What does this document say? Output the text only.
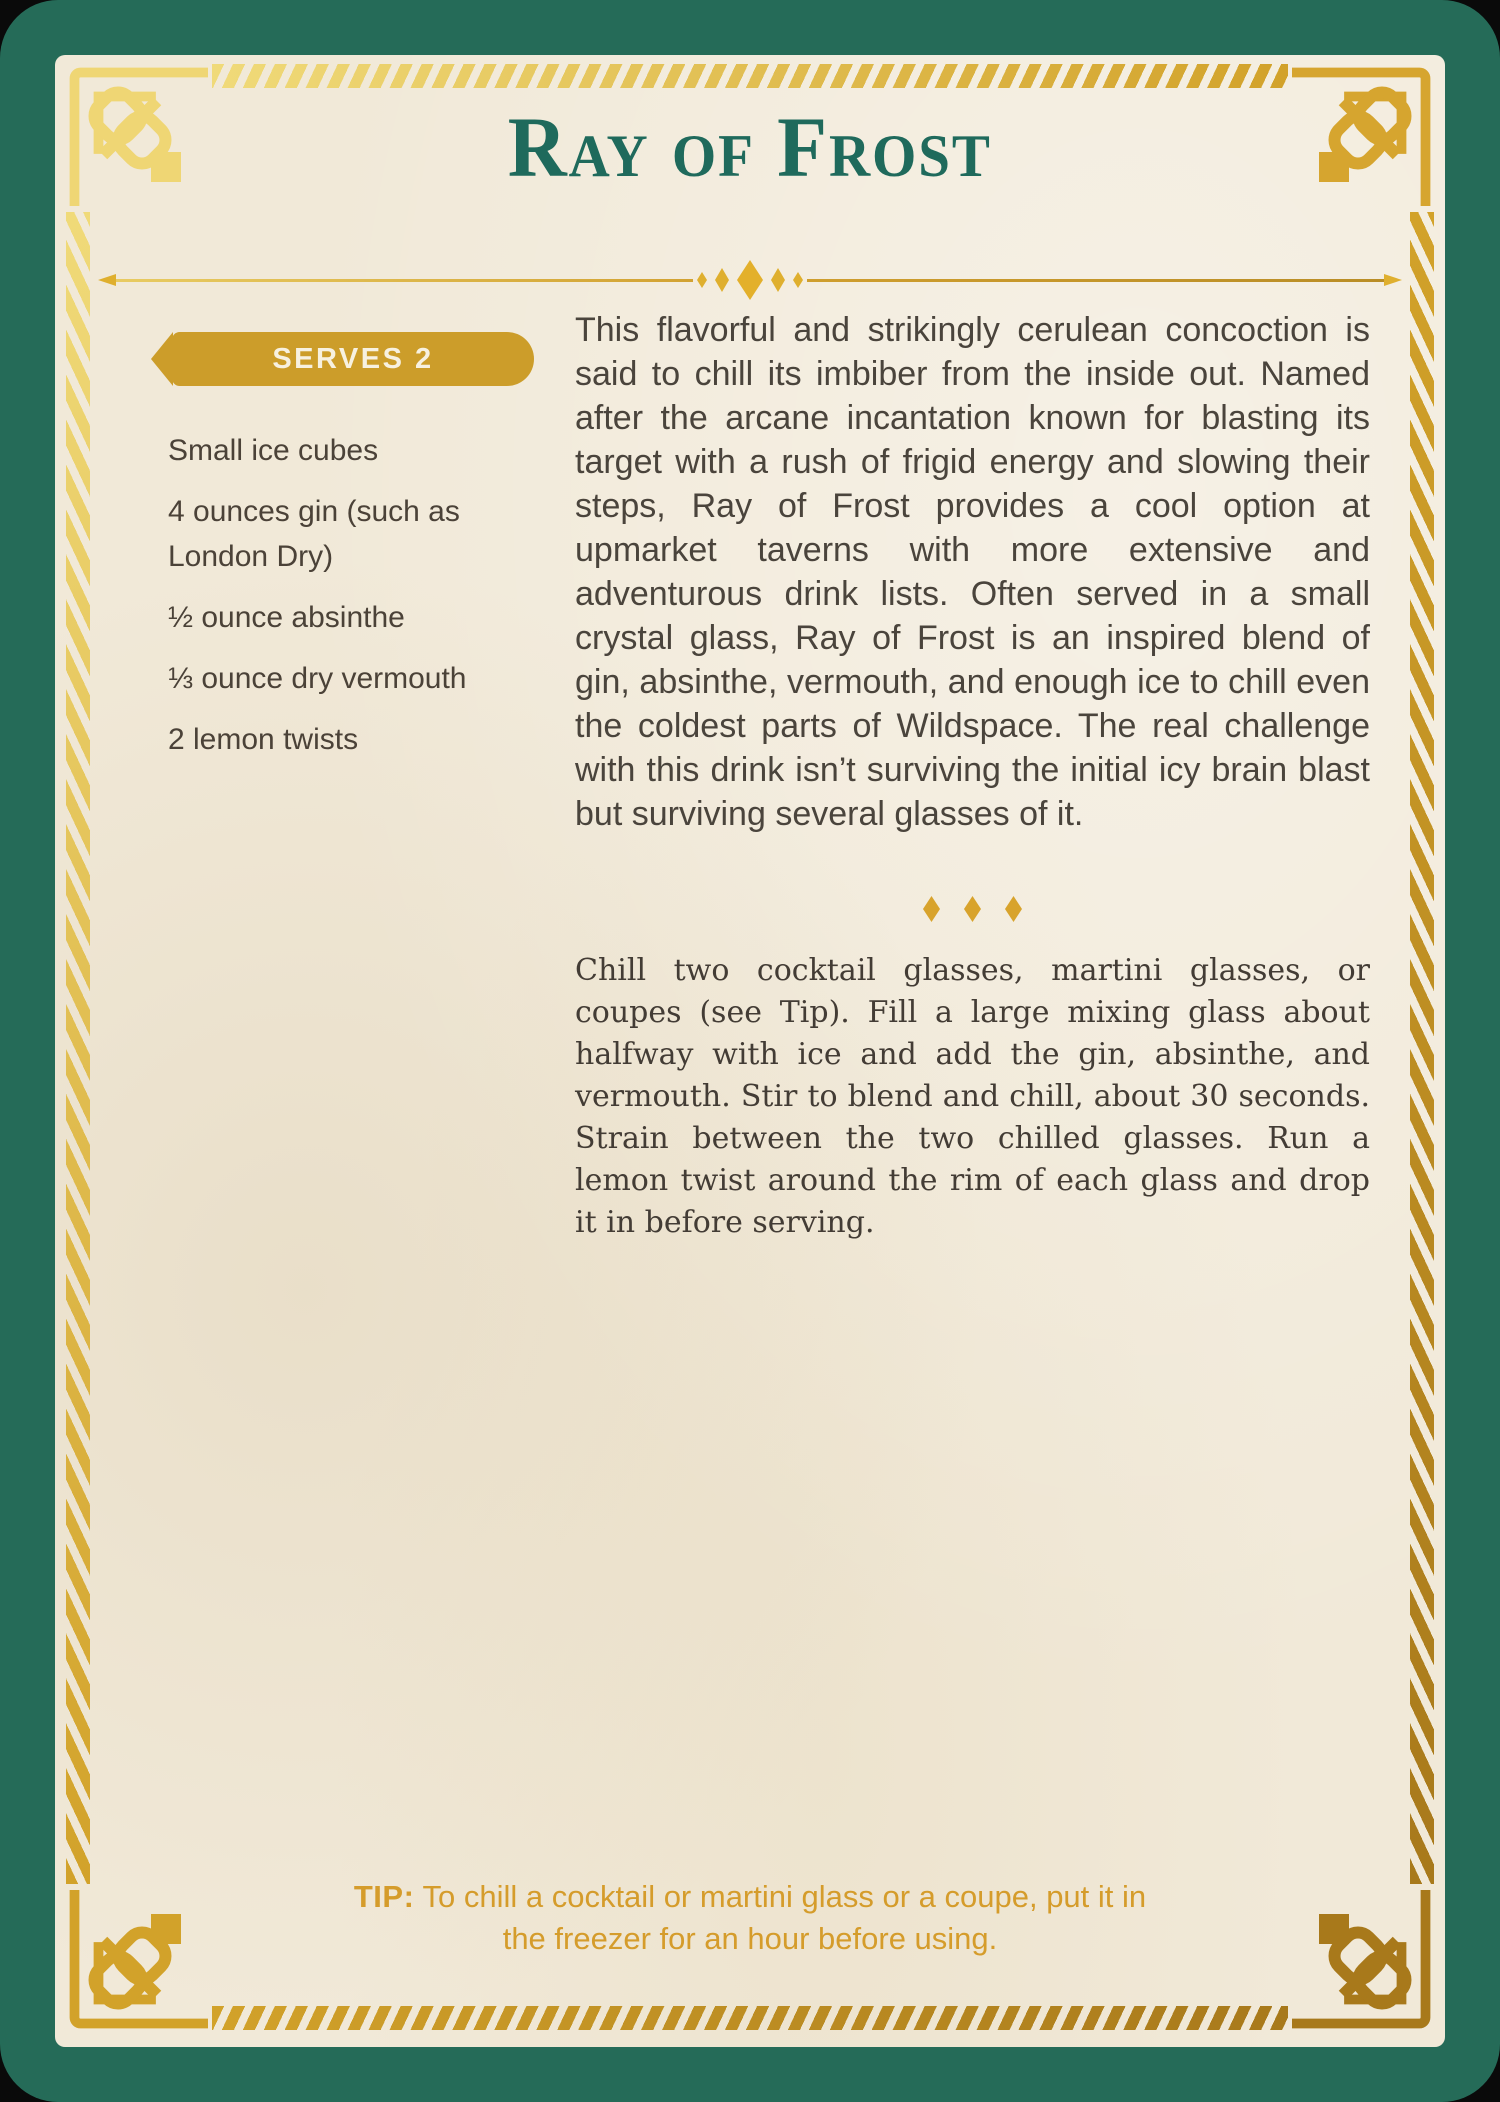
Ray of Frost
SERVES 2
Small ice cubes
4 ounces gin (such as London Dry)
½ ounce absinthe
⅓ ounce dry vermouth
2 lemon twists
This flavorful and strikingly cerulean concoction is said to chill its imbiber from the inside out. Named after the arcane incantation known for blasting its target with a rush of frigid energy and slowing their steps, Ray of Frost provides a cool option at upmarket taverns with more extensive and adventurous drink lists. Often served in a small crystal glass, Ray of Frost is an inspired blend of gin, absinthe, vermouth, and enough ice to chill even the coldest parts of Wildspace. The real challenge with this drink isn’t surviving the initial icy brain blast but surviving several glasses of it.
Chill two cocktail glasses, martini glasses, or coupes (see Tip). Fill a large mixing glass about halfway with ice and add the gin, absinthe, and vermouth. Stir to blend and chill, about 30 seconds. Strain between the two chilled glasses. Run a lemon twist around the rim of each glass and drop it in before serving.
TIP: To chill a cocktail or martini glass or a coupe, put it in the freezer for an hour before using.
